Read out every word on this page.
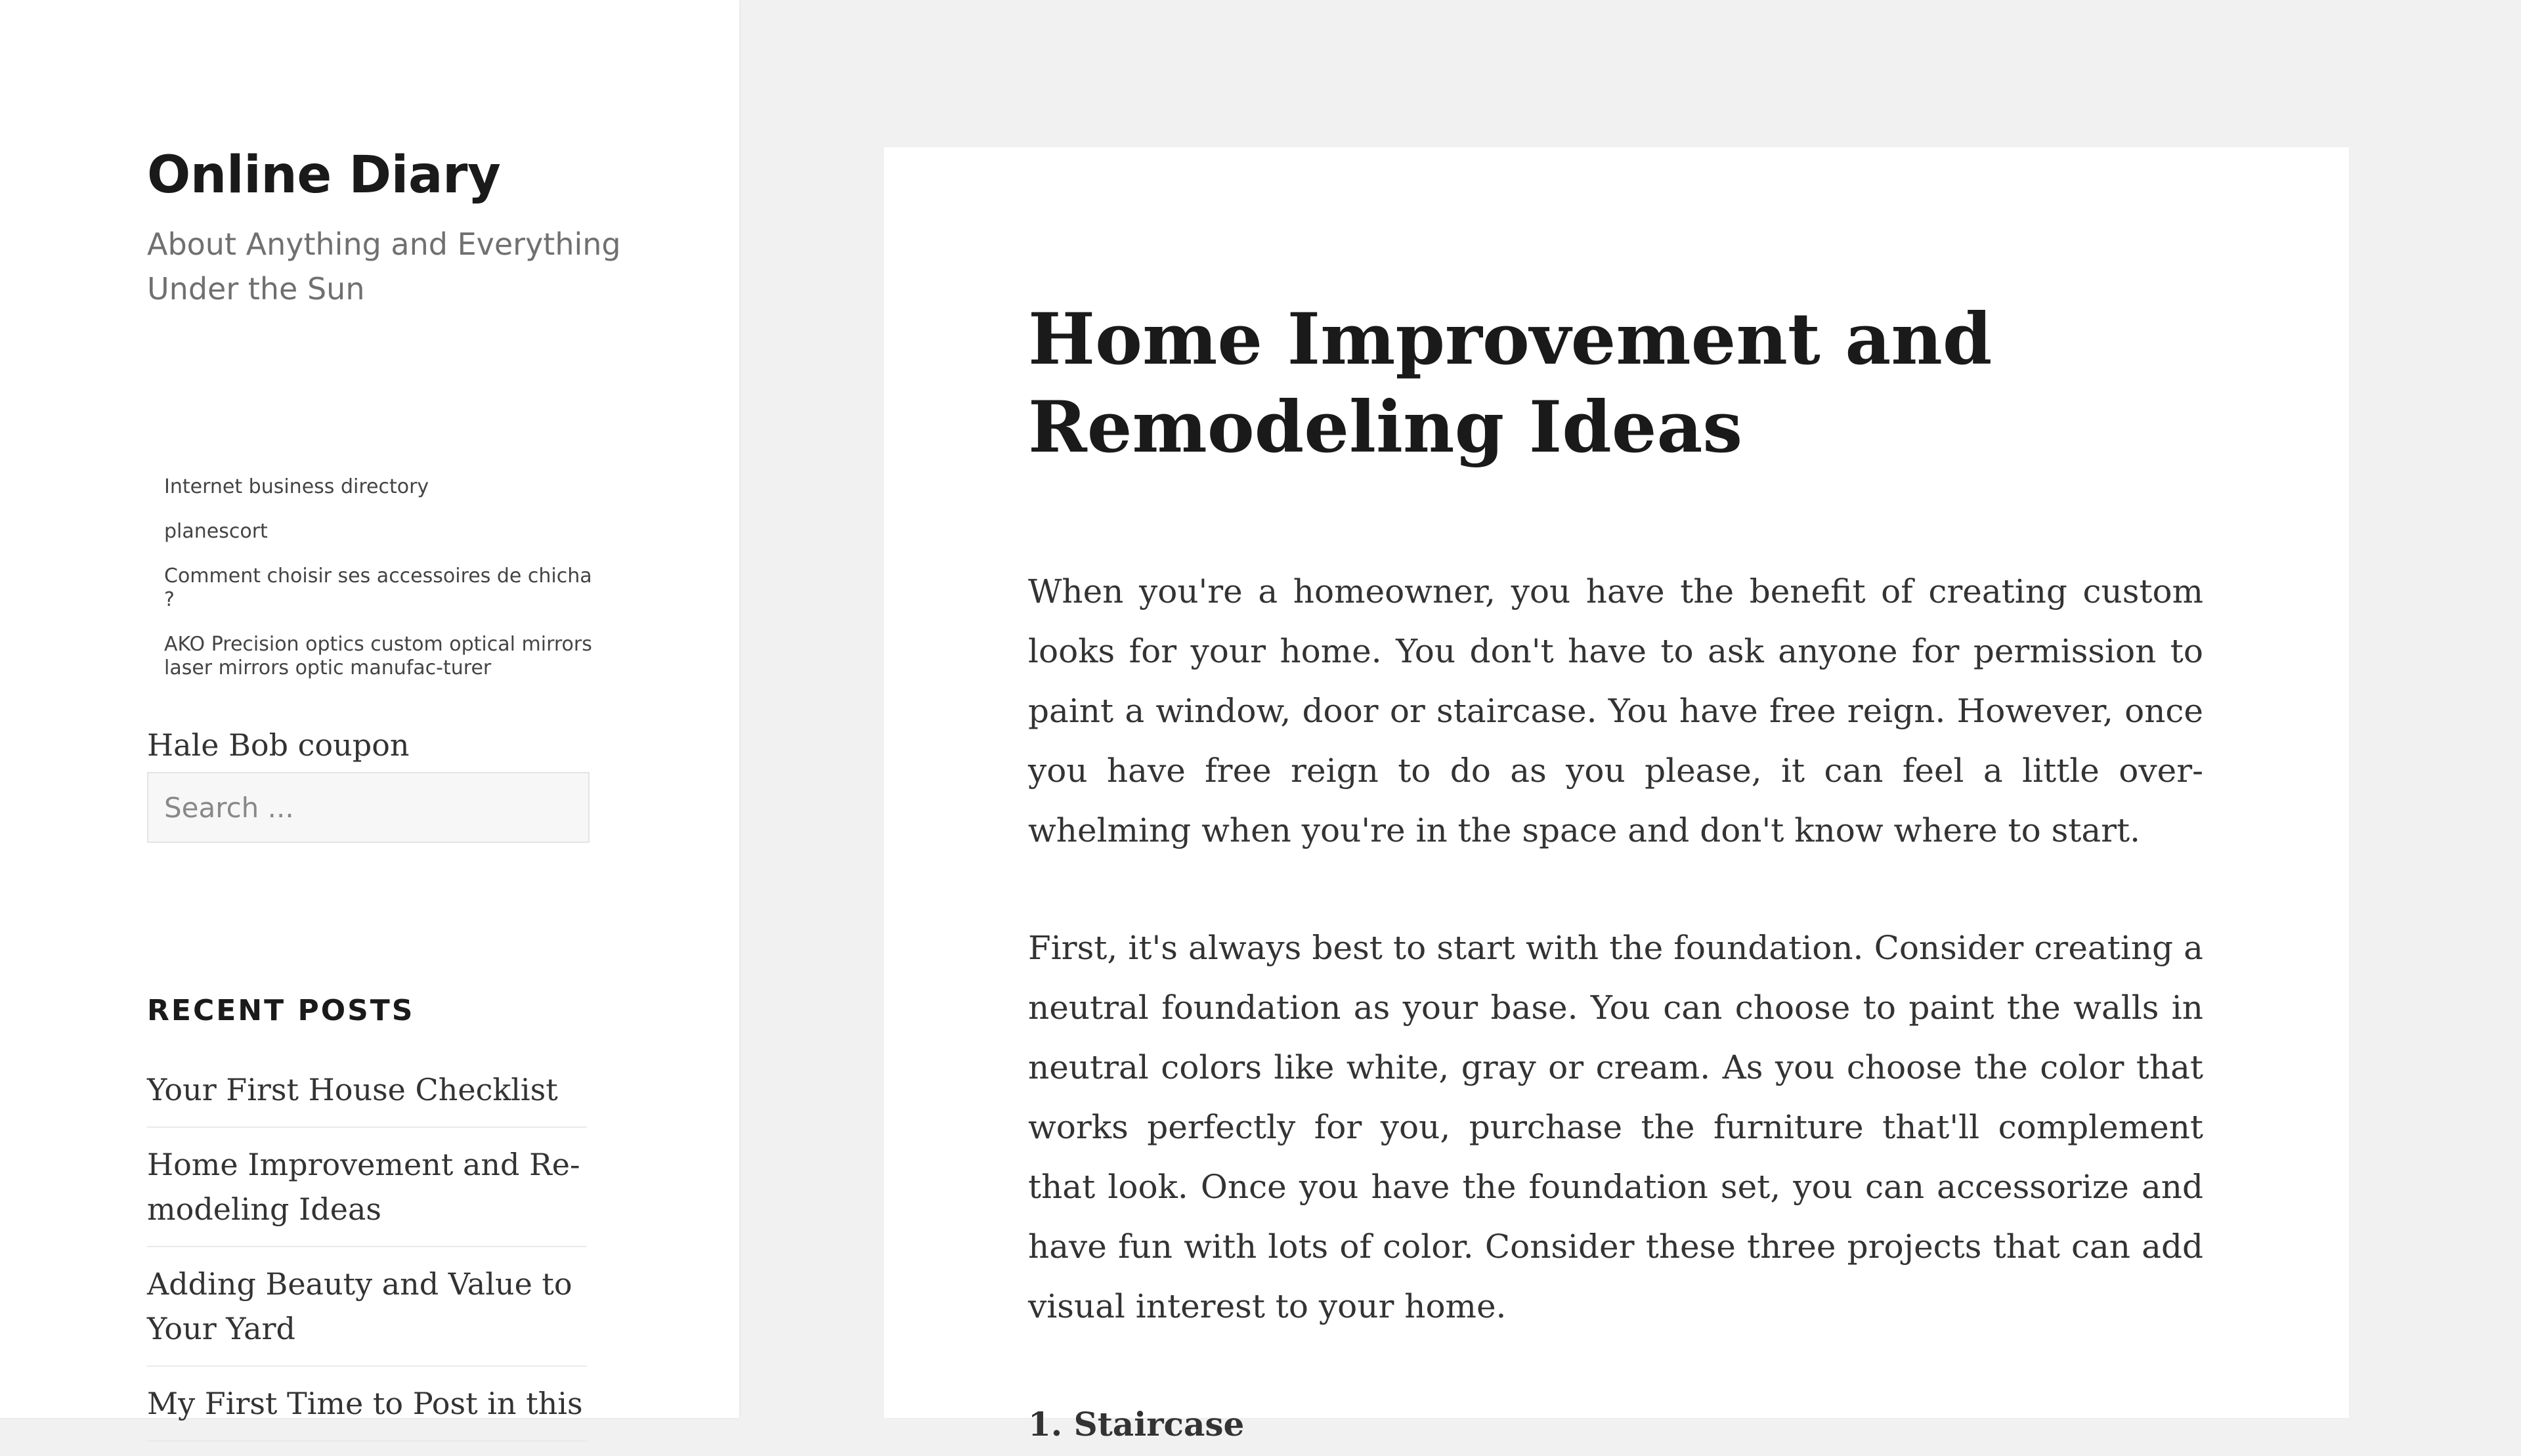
Online Diary
About Anything and Everything Under the Sun
Internet business directory
planescort
Comment choisir ses accessoires de chicha ?
AKO Precision optics custom optical mirrors laser mirrors optic manufac-turer
Hale Bob coupon
Search ...
RECENT POSTS
Your First House Checklist
Home Improvement and Re-modeling Ideas
Adding Beauty and Value to Your Yard
My First Time to Post in this
Home Improvement and Remodeling Ideas

When you're a homeowner, you have the benefit of creating custom looks for your home. You don't have to ask anyone for permission to paint a window, door or staircase. You have free reign. However, once you have free reign to do as you please, it can feel a little over-whelming when you're in the space and don't know where to start.

First, it's always best to start with the foundation. Consider creating a neutral foundation as your base. You can choose to paint the walls in neutral colors like white, gray or cream. As you choose the color that works perfectly for you, purchase the furniture that'll complement that look. Once you have the foundation set, you can accessorize and have fun with lots of color. Consider these three projects that can add visual interest to your home.

1. Staircase
